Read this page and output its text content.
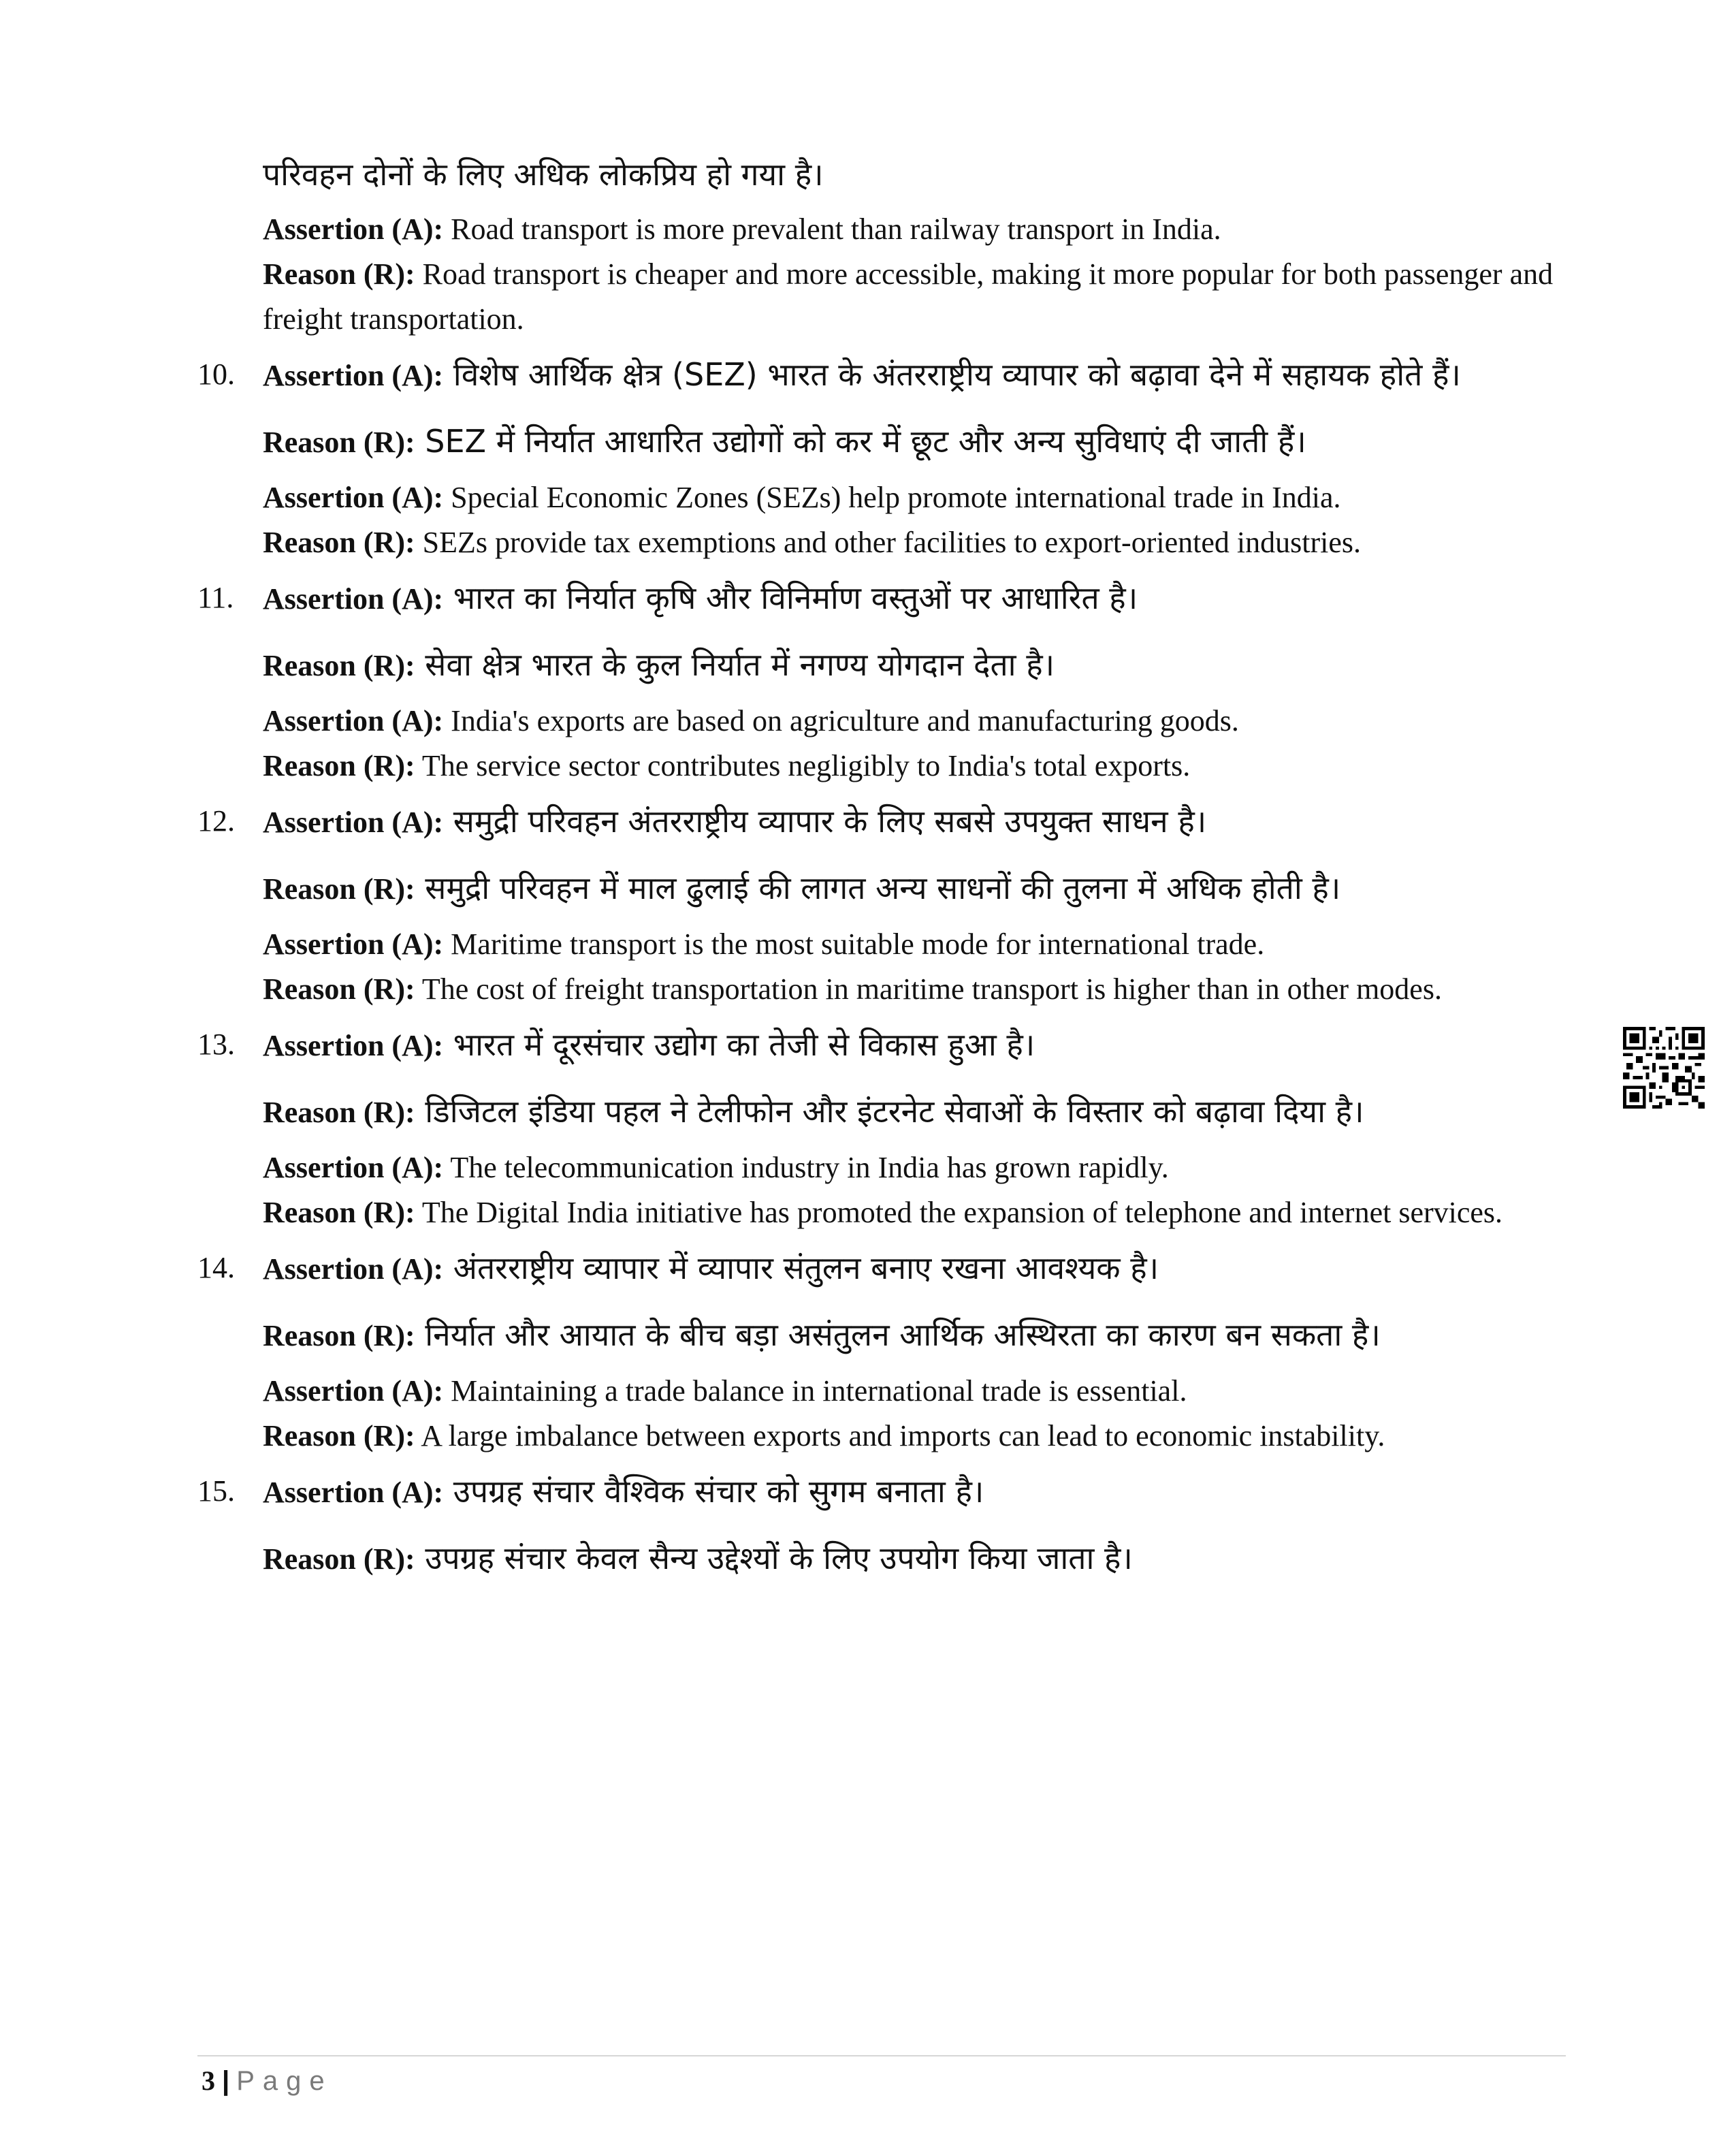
परिवहन दोनों के लिए अधिक लोकप्रिय हो गया है।

Assertion (A): Road transport is more prevalent than railway transport in India.

Reason (R): Road transport is cheaper and more accessible, making it more popular for both passenger and freight transportation.

10. Assertion (A): विशेष आर्थिक क्षेत्र (SEZ) भारत के अंतरराष्ट्रीय व्यापार को बढ़ावा देने में सहायक होते हैं।

Reason (R): SEZ में निर्यात आधारित उद्योगों को कर में छूट और अन्य सुविधाएं दी जाती हैं।

Assertion (A): Special Economic Zones (SEZs) help promote international trade in India.

Reason (R): SEZs provide tax exemptions and other facilities to export-oriented industries.

11. Assertion (A): भारत का निर्यात कृषि और विनिर्माण वस्तुओं पर आधारित है।

Reason (R): सेवा क्षेत्र भारत के कुल निर्यात में नगण्य योगदान देता है।

Assertion (A): India's exports are based on agriculture and manufacturing goods.

Reason (R): The service sector contributes negligibly to India's total exports.

12. Assertion (A): समुद्री परिवहन अंतरराष्ट्रीय व्यापार के लिए सबसे उपयुक्त साधन है।

Reason (R): समुद्री परिवहन में माल ढुलाई की लागत अन्य साधनों की तुलना में अधिक होती है।

Assertion (A): Maritime transport is the most suitable mode for international trade.

Reason (R): The cost of freight transportation in maritime transport is higher than in other modes.

13. Assertion (A): भारत में दूरसंचार उद्योग का तेजी से विकास हुआ है।

Reason (R): डिजिटल इंडिया पहल ने टेलीफोन और इंटरनेट सेवाओं के विस्तार को बढ़ावा दिया है।

Assertion (A): The telecommunication industry in India has grown rapidly.

Reason (R): The Digital India initiative has promoted the expansion of telephone and internet services.

14. Assertion (A): अंतरराष्ट्रीय व्यापार में व्यापार संतुलन बनाए रखना आवश्यक है।

Reason (R): निर्यात और आयात के बीच बड़ा असंतुलन आर्थिक अस्थिरता का कारण बन सकता है।

Assertion (A): Maintaining a trade balance in international trade is essential.

Reason (R): A large imbalance between exports and imports can lead to economic instability.

15. Assertion (A): उपग्रह संचार वैश्विक संचार को सुगम बनाता है।

Reason (R): उपग्रह संचार केवल सैन्य उद्देश्यों के लिए उपयोग किया जाता है।

3 | Page
